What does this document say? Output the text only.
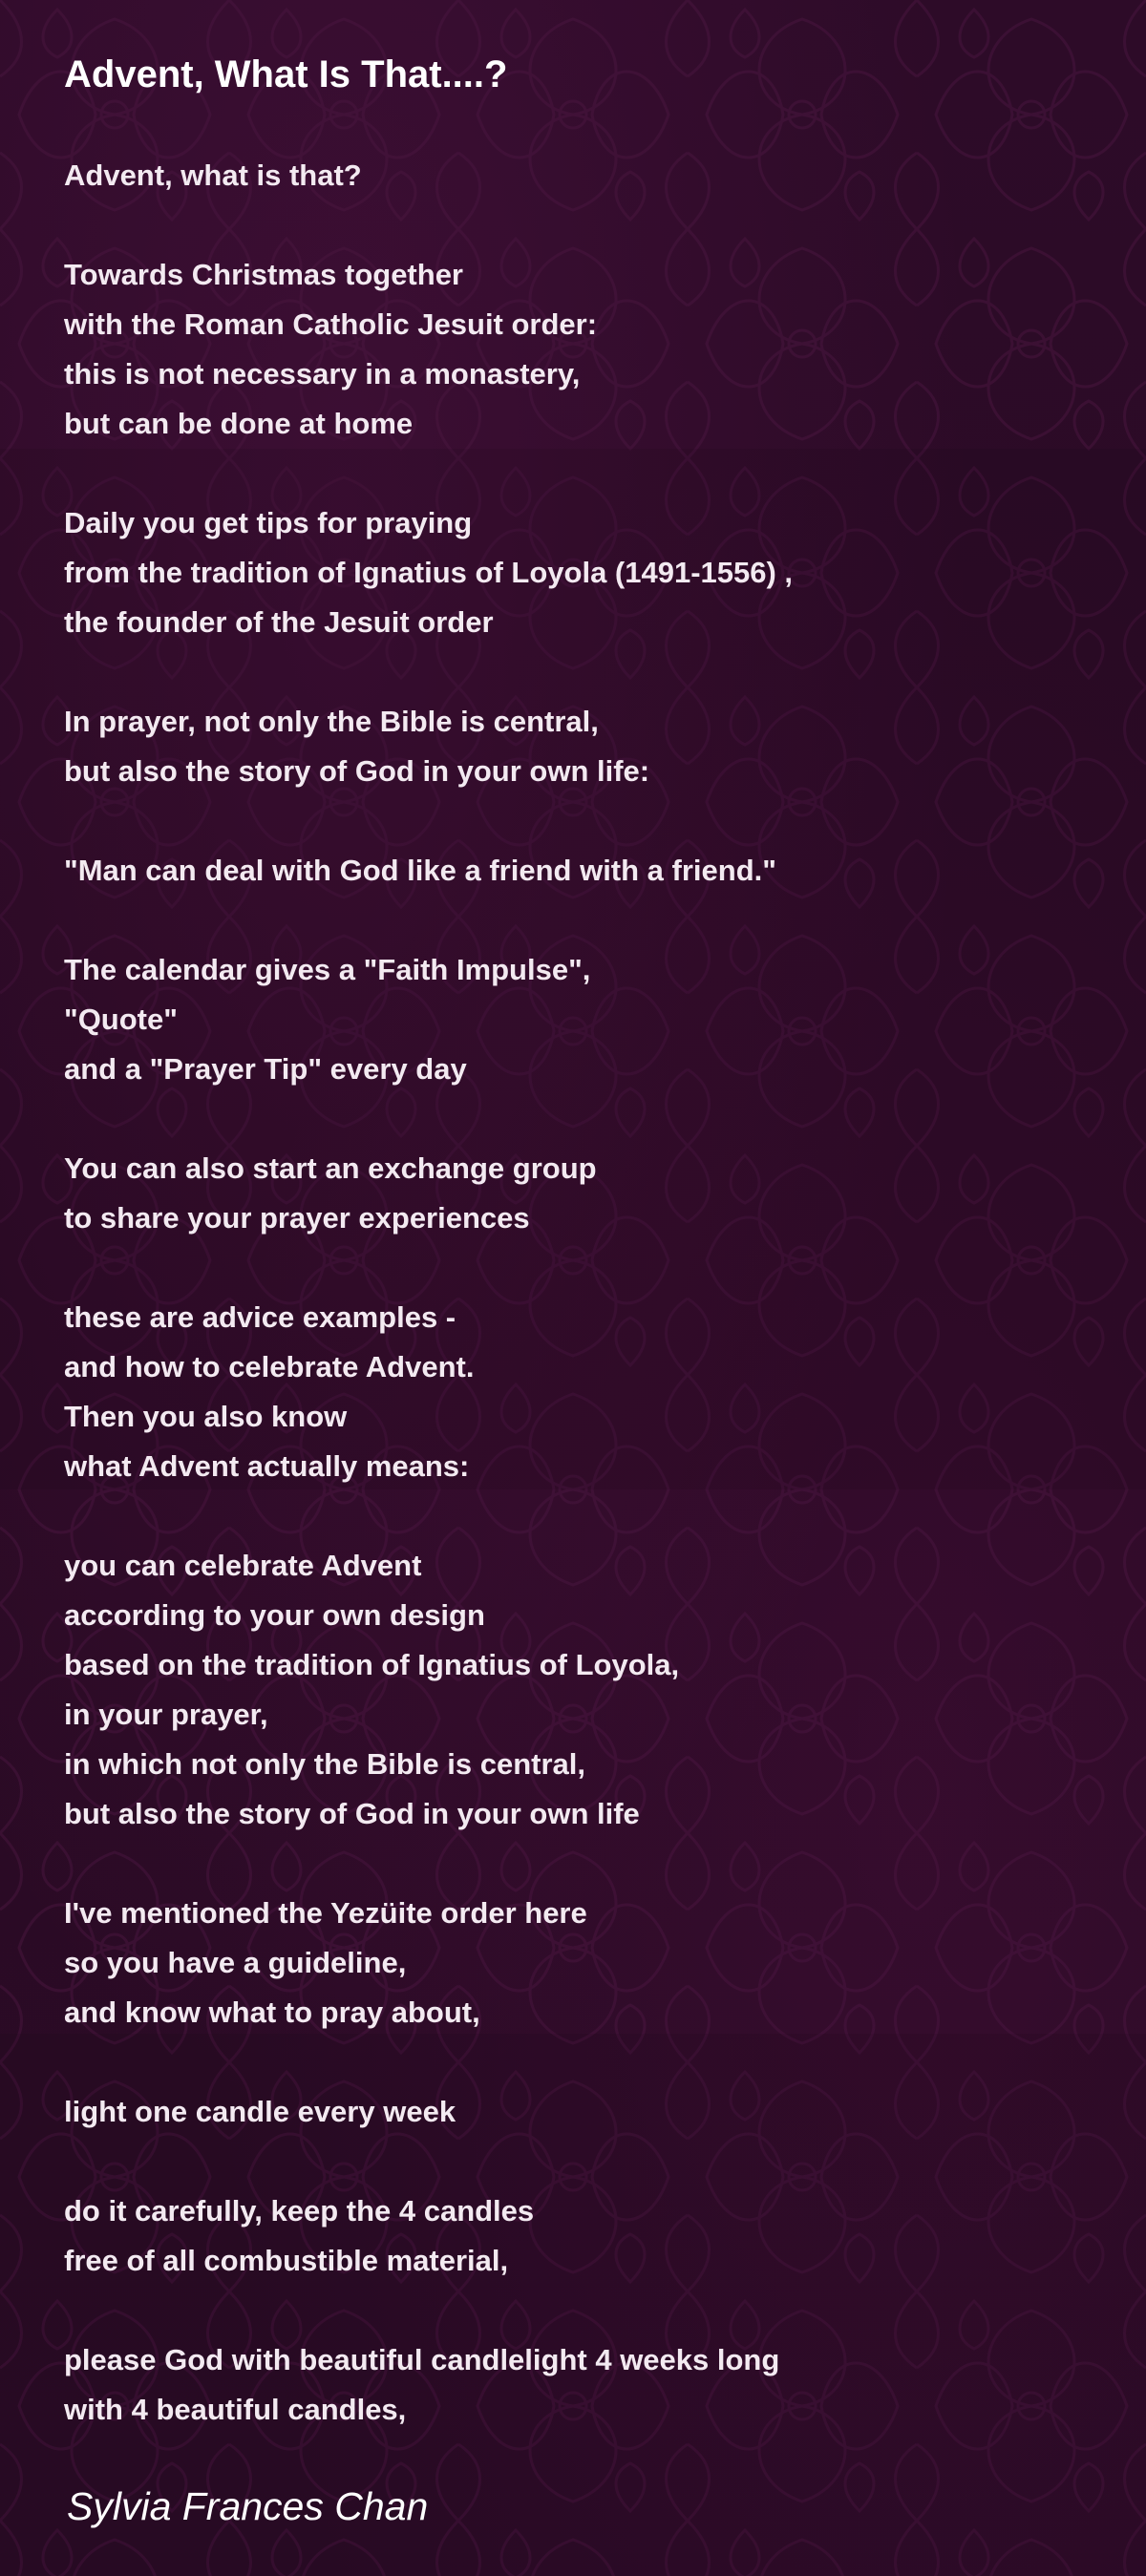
Advent, What Is That....?
Advent, what is that?
Towards Christmas together
with the Roman Catholic Jesuit order:
this is not necessary in a monastery,
but can be done at home
Daily you get tips for praying
from the tradition of Ignatius of Loyola (1491-1556) ,
the founder of the Jesuit order
In prayer, not only the Bible is central,
but also the story of God in your own life:
"Man can deal with God like a friend with a friend."
The calendar gives a "Faith Impulse",
"Quote"
and a "Prayer Tip" every day
You can also start an exchange group
to share your prayer experiences
these are advice examples -
and how to celebrate Advent.
Then you also know
what Advent actually means:
you can celebrate Advent
according to your own design
based on the tradition of Ignatius of Loyola,
in your prayer,
in which not only the Bible is central,
but also the story of God in your own life
I've mentioned the Yezüite order here
so you have a guideline,
and know what to pray about,
light one candle every week
do it carefully, keep the 4 candles
free of all combustible material,
please God with beautiful candlelight 4 weeks long
with 4 beautiful candles,
Sylvia Frances Chan
